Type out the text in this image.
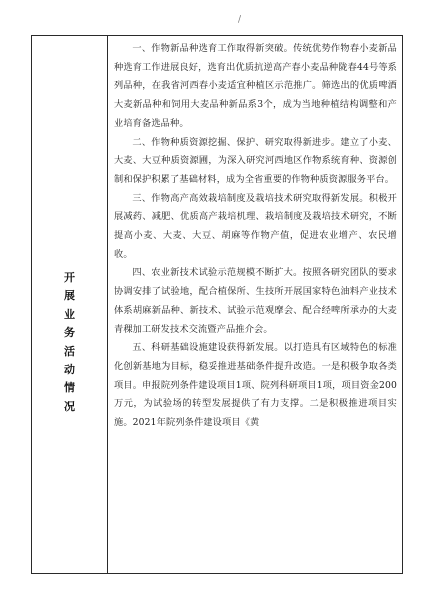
/
开
展
业
务
活
动
情
况

一、作物新品种选育工作取得新突破。传统优势作物春小麦新品种选育工作进展良好，选育出优质抗逆高产春小麦品种陇春44号等系列品种，在我省河西春小麦适宜种植区示范推广。筛选出的优质啤酒大麦新品种和饲用大麦品种新品系3个，成为当地种植结构调整和产业培育备选品种。

二、作物种质资源挖掘、保护、研究取得新进步。建立了小麦、大麦、大豆种质资源圃，为深入研究河西地区作物系统育种、资源创制和保护积累了基础材料，成为全省重要的作物种质资源服务平台。

三、作物高产高效栽培制度及栽培技术研究取得新发展。积极开展减药、减肥、优质高产栽培机理、栽培制度及栽培技术研究，不断提高小麦、大麦、大豆、胡麻等作物产值，促进农业增产、农民增收。

四、农业新技术试验示范规模不断扩大。按照各研究团队的要求协调安排了试验地，配合植保所、生技所开展国家特色油料产业技术体系胡麻新品种、新技术、试验示范观摩会、配合经啤所承办的大麦青稞加工研发技术交流暨产品推介会。

五、科研基础设施建设获得新发展。以打造具有区域特色的标准化创新基地为目标，稳妥推进基础条件提升改造。一是积极争取各类项目。申报院列条件建设项目1项、院列科研项目1项，项目资金200万元，为试验场的转型发展提供了有力支撑。二是积极推进项目实施。2021年院列条件建设项目《黄
